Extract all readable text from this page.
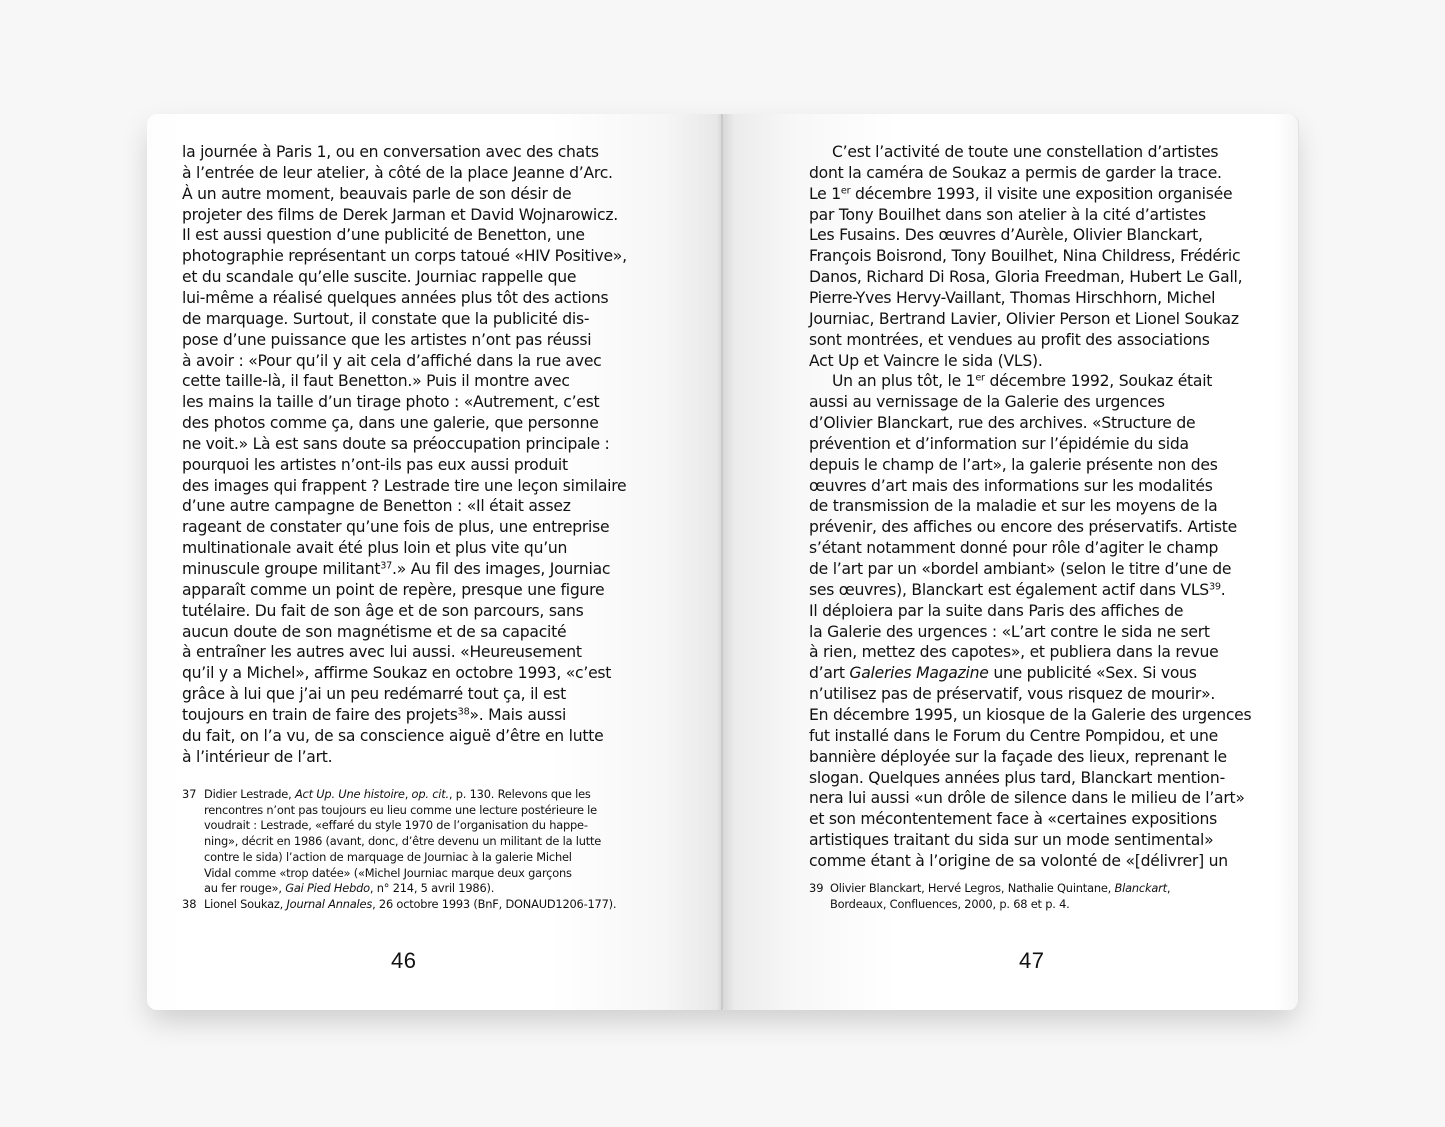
la journée à Paris 1, ou en conversation avec des chats
à l’entrée de leur atelier, à côté de la place Jeanne d’Arc.
À un autre moment, beauvais parle de son désir de
projeter des films de Derek Jarman et David Wojnarowicz.
Il est aussi question d’une publicité de Benetton, une
photographie représentant un corps tatoué «HIV Positive»,
et du scandale qu’elle suscite. Journiac rappelle que
lui-même a réalisé quelques années plus tôt des actions
de marquage. Surtout, il constate que la publicité dis-
pose d’une puissance que les artistes n’ont pas réussi
à avoir : «Pour qu’il y ait cela d’affiché dans la rue avec
cette taille-là, il faut Benetton.» Puis il montre avec
les mains la taille d’un tirage photo : «Autrement, c’est
des photos comme ça, dans une galerie, que personne
ne voit.» Là est sans doute sa préoccupation principale :
pourquoi les artistes n’ont-ils pas eux aussi produit
des images qui frappent ? Lestrade tire une leçon similaire
d’une autre campagne de Benetton : «Il était assez
rageant de constater qu’une fois de plus, une entreprise
multinationale avait été plus loin et plus vite qu’un
minuscule groupe militant$^{37}$.» Au fil des images, Journiac
apparaît comme un point de repère, presque une figure
tutélaire. Du fait de son âge et de son parcours, sans
aucun doute de son magnétisme et de sa capacité
à entraîner les autres avec lui aussi. «Heureusement
qu’il y a Michel», affirme Soukaz en octobre 1993, «c’est
grâce à lui que j’ai un peu redémarré tout ça, il est
toujours en train de faire des projets$^{38}$». Mais aussi
du fait, on l’a vu, de sa conscience aiguë d’être en lutte
à l’intérieur de l’art.
37 Didier Lestrade, Act Up. Une histoire, op. cit., p. 130. Relevons que les
rencontres n’ont pas toujours eu lieu comme une lecture postérieure le
voudrait : Lestrade, «effaré du style 1970 de l’organisation du happe-
ning», décrit en 1986 (avant, donc, d’être devenu un militant de la lutte
contre le sida) l’action de marquage de Journiac à la galerie Michel
Vidal comme «trop datée» («Michel Journiac marque deux garçons
au fer rouge», Gai Pied Hebdo, n° 214, 5 avril 1986).
38 Lionel Soukaz, Journal Annales, 26 octobre 1993 (BnF, DONAUD1206-177).
46
C’est l’activité de toute une constellation d’artistes
dont la caméra de Soukaz a permis de garder la trace.
Le 1er décembre 1993, il visite une exposition organisée
par Tony Bouilhet dans son atelier à la cité d’artistes
Les Fusains. Des œuvres d’Aurèle, Olivier Blanckart,
François Boisrond, Tony Bouilhet, Nina Childress, Frédéric
Danos, Richard Di Rosa, Gloria Freedman, Hubert Le Gall,
Pierre-Yves Hervy-Vaillant, Thomas Hirschhorn, Michel
Journiac, Bertrand Lavier, Olivier Person et Lionel Soukaz
sont montrées, et vendues au profit des associations
Act Up et Vaincre le sida (VLS).
Un an plus tôt, le 1er décembre 1992, Soukaz était
aussi au vernissage de la Galerie des urgences
d’Olivier Blanckart, rue des archives. «Structure de
prévention et d’information sur l’épidémie du sida
depuis le champ de l’art», la galerie présente non des
œuvres d’art mais des informations sur les modalités
de transmission de la maladie et sur les moyens de la
prévenir, des affiches ou encore des préservatifs. Artiste
s’étant notamment donné pour rôle d’agiter le champ
de l’art par un «bordel ambiant» (selon le titre d’une de
ses œuvres), Blanckart est également actif dans VLS$^{39}$.
Il déploiera par la suite dans Paris des affiches de
la Galerie des urgences : «L’art contre le sida ne sert
à rien, mettez des capotes», et publiera dans la revue
d’art Galeries Magazine une publicité «Sex. Si vous
n’utilisez pas de préservatif, vous risquez de mourir».
En décembre 1995, un kiosque de la Galerie des urgences
fut installé dans le Forum du Centre Pompidou, et une
bannière déployée sur la façade des lieux, reprenant le
slogan. Quelques années plus tard, Blanckart mention-
nera lui aussi «un drôle de silence dans le milieu de l’art»
et son mécontentement face à «certaines expositions
artistiques traitant du sida sur un mode sentimental»
comme étant à l’origine de sa volonté de «[délivrer] un
39 Olivier Blanckart, Hervé Legros, Nathalie Quintane, Blanckart,
Bordeaux, Confluences, 2000, p. 68 et p. 4.
47
